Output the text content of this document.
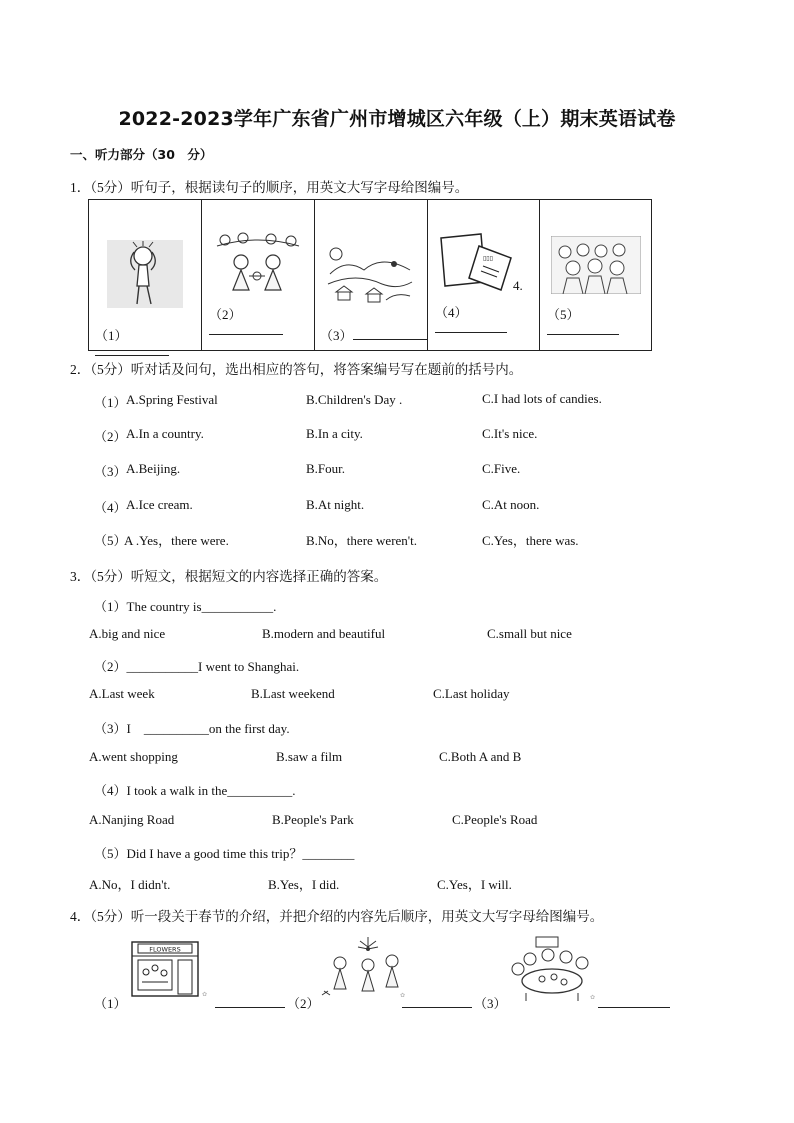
2022-2023学年广东省广州市增城区六年级（上）期末英语试卷
一、听力部分（30　分）
1．（5分）听句子，根据读句子的顺序，用英文大写字母给图编号。
（1）
（2）
（3）
▯▯▯
4.
（4）	（5）
2．（5分）听对话及问句，选出相应的答句，将答案编号写在题前的括号内。
（1） A.Spring Festival	B.Children's Day .	C.I had lots of candies.
（2） A.In a country.	B.In a city.	C.It's nice.
（3） A.Beijing.	B.Four.	C.Five.
（4） A.Ice cream.	B.At night.	C.At noon.
（5）
A .Yes，there were.	B.No，there weren't.	C.Yes，there was.
3．（5分）听短文，根据短文的内容选择正确的答案。
（1）The country is___________.
A.big and nice	B.modern and beautiful	C.small but nice
（2）___________I went to Shanghai.
A.Last week	B.Last weekend	C.Last holiday
（3）I　__________on the first day.
A.went shopping	B.saw a film	C.Both A and B
（4）I took a walk in the__________.
A.Nanjing Road	B.People's Park	C.People's Road
（5）Did I have a good time this trip？________
A.No，I didn't.	B.Yes，I did.	C.Yes，I will.
4．（5分）听一段关于春节的介绍，并把介绍的内容先后顺序，用英文大写字母给图编号。
FLOWERS
✿
（1）	（2）
✿
（3）	✿
